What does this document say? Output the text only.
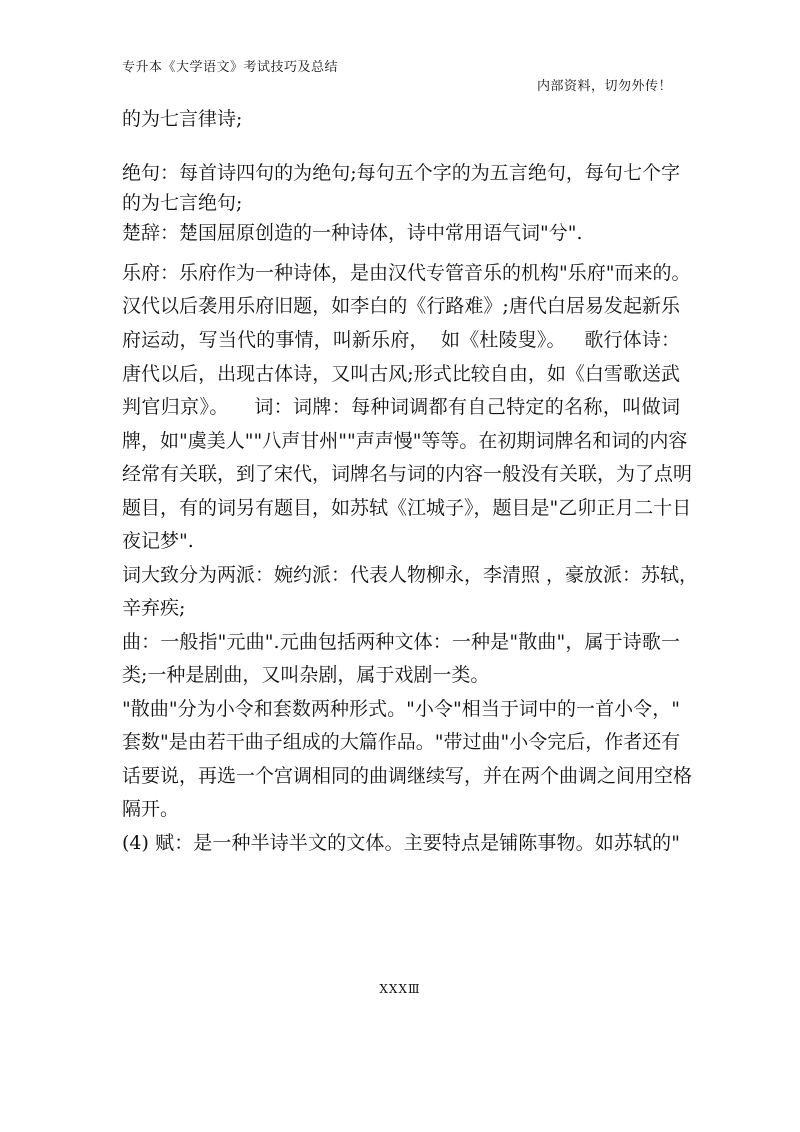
专升本《大学语文》考试技巧及总结
内部资料，切勿外传！
的为七言律诗;
绝句：每首诗四句的为绝句;每句五个字的为五言绝句，每句七个字
的为七言绝句;
楚辞：楚国屈原创造的一种诗体，诗中常用语气词"兮".
乐府：乐府作为一种诗体，是由汉代专管音乐的机构"乐府"而来的。
汉代以后袭用乐府旧题，如李白的《行路难》;唐代白居易发起新乐
府运动，写当代的事情，叫新乐府，  如《杜陵叟》。   歌行体诗：
唐代以后，出现古体诗，又叫古风;形式比较自由，如《白雪歌送武
判官归京》。    词：词牌：每种词调都有自己特定的名称，叫做词
牌，如"虞美人""八声甘州""声声慢"等等。在初期词牌名和词的内容
经常有关联，到了宋代，词牌名与词的内容一般没有关联，为了点明
题目，有的词另有题目，如苏轼《江城子》，题目是"乙卯正月二十日
夜记梦".
词大致分为两派：婉约派：代表人物柳永，李清照 ，豪放派：苏轼，
辛弃疾;
曲：一般指"元曲".元曲包括两种文体：一种是"散曲"，属于诗歌一
类;一种是剧曲，又叫杂剧，属于戏剧一类。
"散曲"分为小令和套数两种形式。"小令"相当于词中的一首小令，"
套数"是由若干曲子组成的大篇作品。"带过曲"小令完后，作者还有
话要说，再选一个宫调相同的曲调继续写，并在两个曲调之间用空格
隔开。
(4) 赋：是一种半诗半文的文体。主要特点是铺陈事物。如苏轼的"
XXXⅢ
